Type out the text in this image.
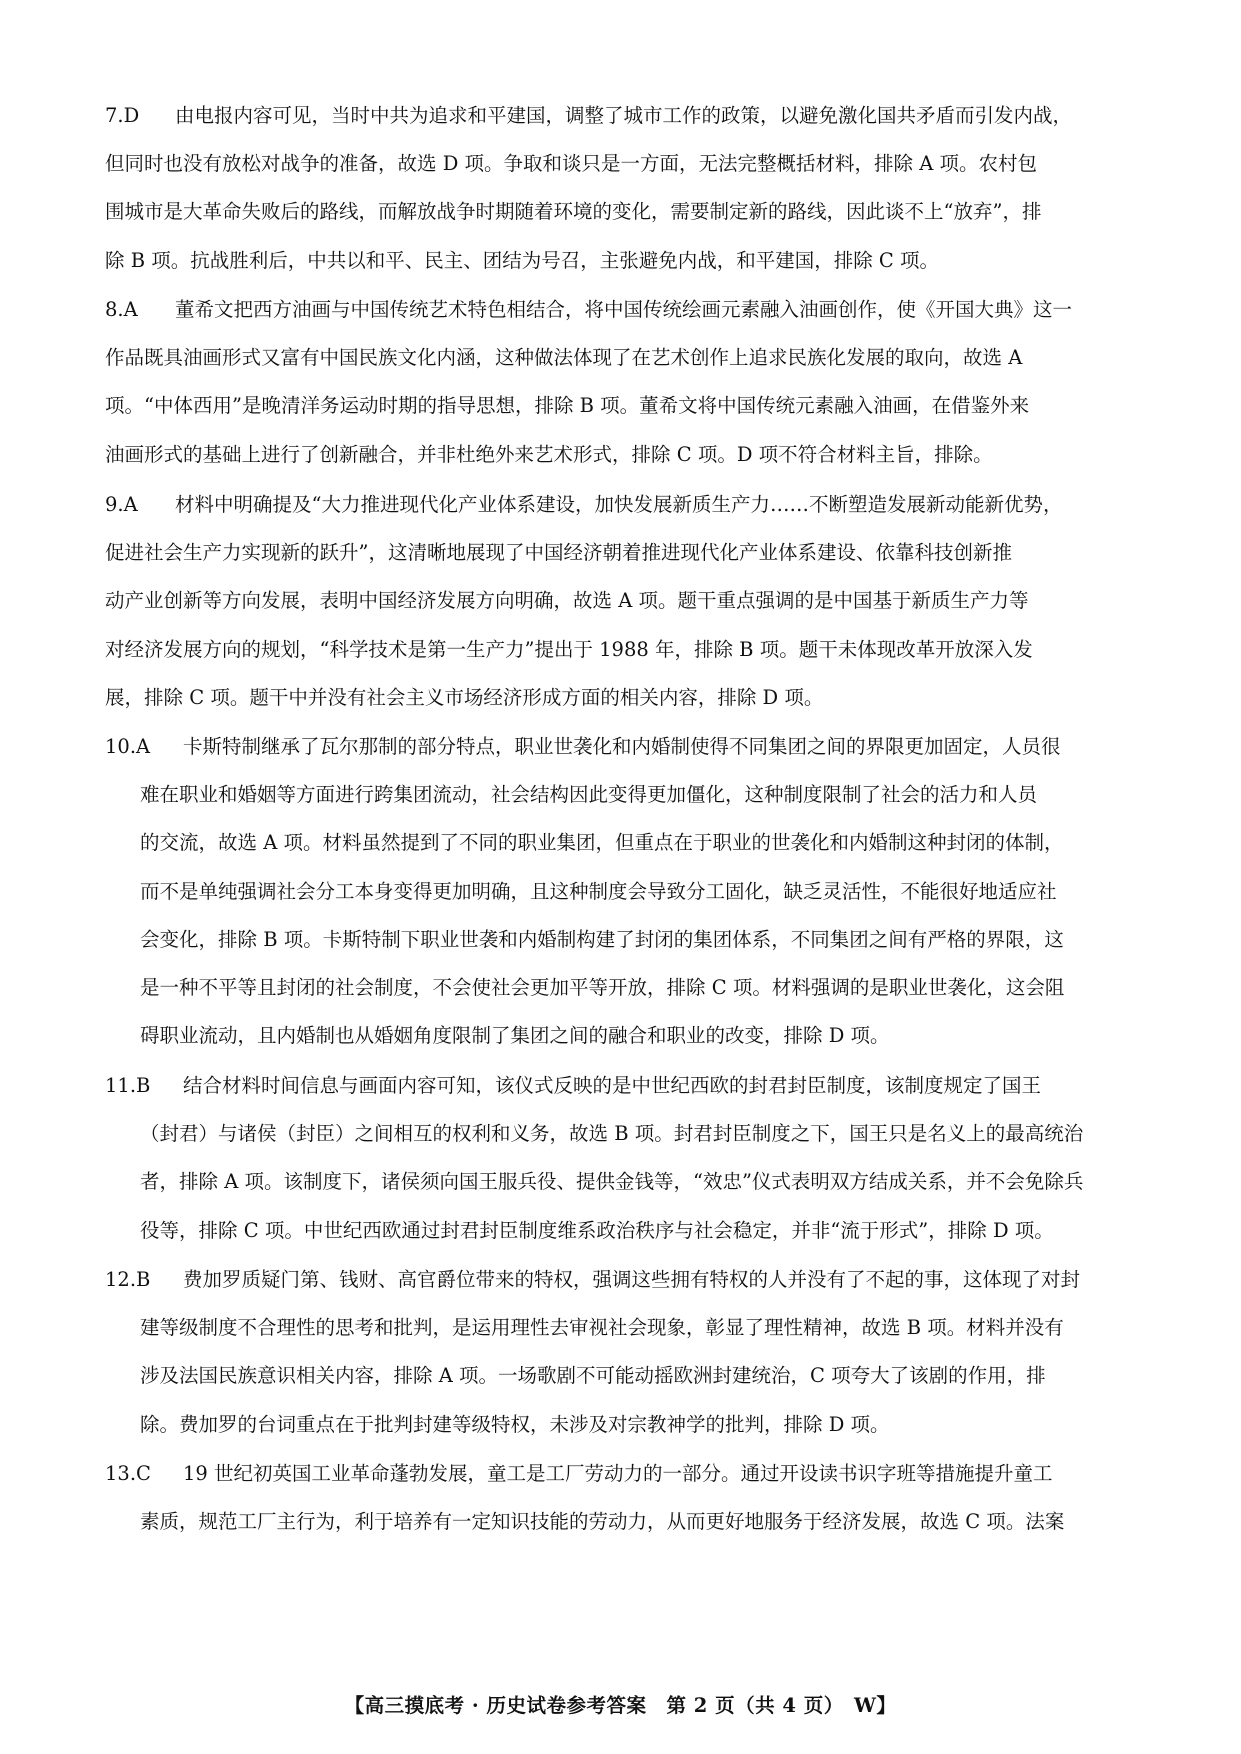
7.D 由电报内容可见，当时中共为追求和平建国，调整了城市工作的政策，以避免激化国共矛盾而引发内战，
但同时也没有放松对战争的准备，故选 D 项。争取和谈只是一方面，无法完整概括材料，排除 A 项。农村包
围城市是大革命失败后的路线，而解放战争时期随着环境的变化，需要制定新的路线，因此谈不上“放弃”，排
除 B 项。抗战胜利后，中共以和平、民主、团结为号召，主张避免内战，和平建国，排除 C 项。
8.A 董希文把西方油画与中国传统艺术特色相结合，将中国传统绘画元素融入油画创作，使《开国大典》这一
作品既具油画形式又富有中国民族文化内涵，这种做法体现了在艺术创作上追求民族化发展的取向，故选 A
项。“中体西用”是晚清洋务运动时期的指导思想，排除 B 项。董希文将中国传统元素融入油画，在借鉴外来
油画形式的基础上进行了创新融合，并非杜绝外来艺术形式，排除 C 项。D 项不符合材料主旨，排除。
9.A 材料中明确提及“大力推进现代化产业体系建设，加快发展新质生产力……不断塑造发展新动能新优势，
促进社会生产力实现新的跃升”，这清晰地展现了中国经济朝着推进现代化产业体系建设、依靠科技创新推
动产业创新等方向发展，表明中国经济发展方向明确，故选 A 项。题干重点强调的是中国基于新质生产力等
对经济发展方向的规划，“科学技术是第一生产力”提出于 1988 年，排除 B 项。题干未体现改革开放深入发
展，排除 C 项。题干中并没有社会主义市场经济形成方面的相关内容，排除 D 项。
10.A 卡斯特制继承了瓦尔那制的部分特点，职业世袭化和内婚制使得不同集团之间的界限更加固定，人员很
难在职业和婚姻等方面进行跨集团流动，社会结构因此变得更加僵化，这种制度限制了社会的活力和人员
的交流，故选 A 项。材料虽然提到了不同的职业集团，但重点在于职业的世袭化和内婚制这种封闭的体制，
而不是单纯强调社会分工本身变得更加明确，且这种制度会导致分工固化，缺乏灵活性，不能很好地适应社
会变化，排除 B 项。卡斯特制下职业世袭和内婚制构建了封闭的集团体系，不同集团之间有严格的界限，这
是一种不平等且封闭的社会制度，不会使社会更加平等开放，排除 C 项。材料强调的是职业世袭化，这会阻
碍职业流动，且内婚制也从婚姻角度限制了集团之间的融合和职业的改变，排除 D 项。
11.B 结合材料时间信息与画面内容可知，该仪式反映的是中世纪西欧的封君封臣制度，该制度规定了国王
（封君）与诸侯（封臣）之间相互的权利和义务，故选 B 项。封君封臣制度之下，国王只是名义上的最高统治
者，排除 A 项。该制度下，诸侯须向国王服兵役、提供金钱等，“效忠”仪式表明双方结成关系，并不会免除兵
役等，排除 C 项。中世纪西欧通过封君封臣制度维系政治秩序与社会稳定，并非“流于形式”，排除 D 项。
12.B 费加罗质疑门第、钱财、高官爵位带来的特权，强调这些拥有特权的人并没有了不起的事，这体现了对封
建等级制度不合理性的思考和批判，是运用理性去审视社会现象，彰显了理性精神，故选 B 项。材料并没有
涉及法国民族意识相关内容，排除 A 项。一场歌剧不可能动摇欧洲封建统治，C 项夸大了该剧的作用，排
除。费加罗的台词重点在于批判封建等级特权，未涉及对宗教神学的批判，排除 D 项。
13.C 19 世纪初英国工业革命蓬勃发展，童工是工厂劳动力的一部分。通过开设读书识字班等措施提升童工
素质，规范工厂主行为，利于培养有一定知识技能的劳动力，从而更好地服务于经济发展，故选 C 项。法案
【高三摸底考 · 历史试卷参考答案　第 2 页（共 4 页）　W】
